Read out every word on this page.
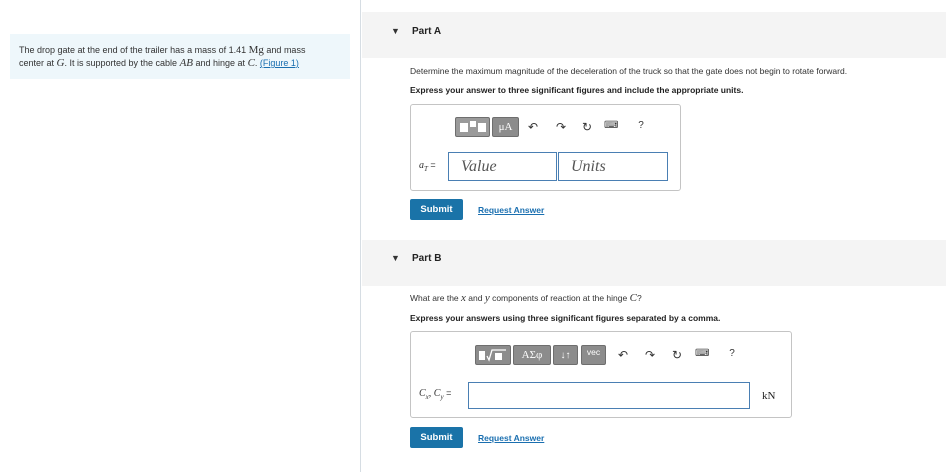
The drop gate at the end of the trailer has a mass of 1.41 Mg and mass
center at G. It is supported by the cable AB and hinge at C. (Figure 1)
▼ Part A
Determine the maximum magnitude of the deceleration of the truck so that the gate does not begin to rotate forward.
Express your answer to three significant figures and include the appropriate units.
μA	↶ ↷ ↻ ⌨	?
$a_T$ = Value	Units
Submit	Request Answer
▼ Part B
What are the x and y components of reaction at the hinge C?
Express your answers using three significant figures separated by a comma.
ΑΣφ	↓↑	vec	↶ ↷ ↻ ⌨	?
$C_x$, $C_y$ =	kN
Submit	Request Answer
